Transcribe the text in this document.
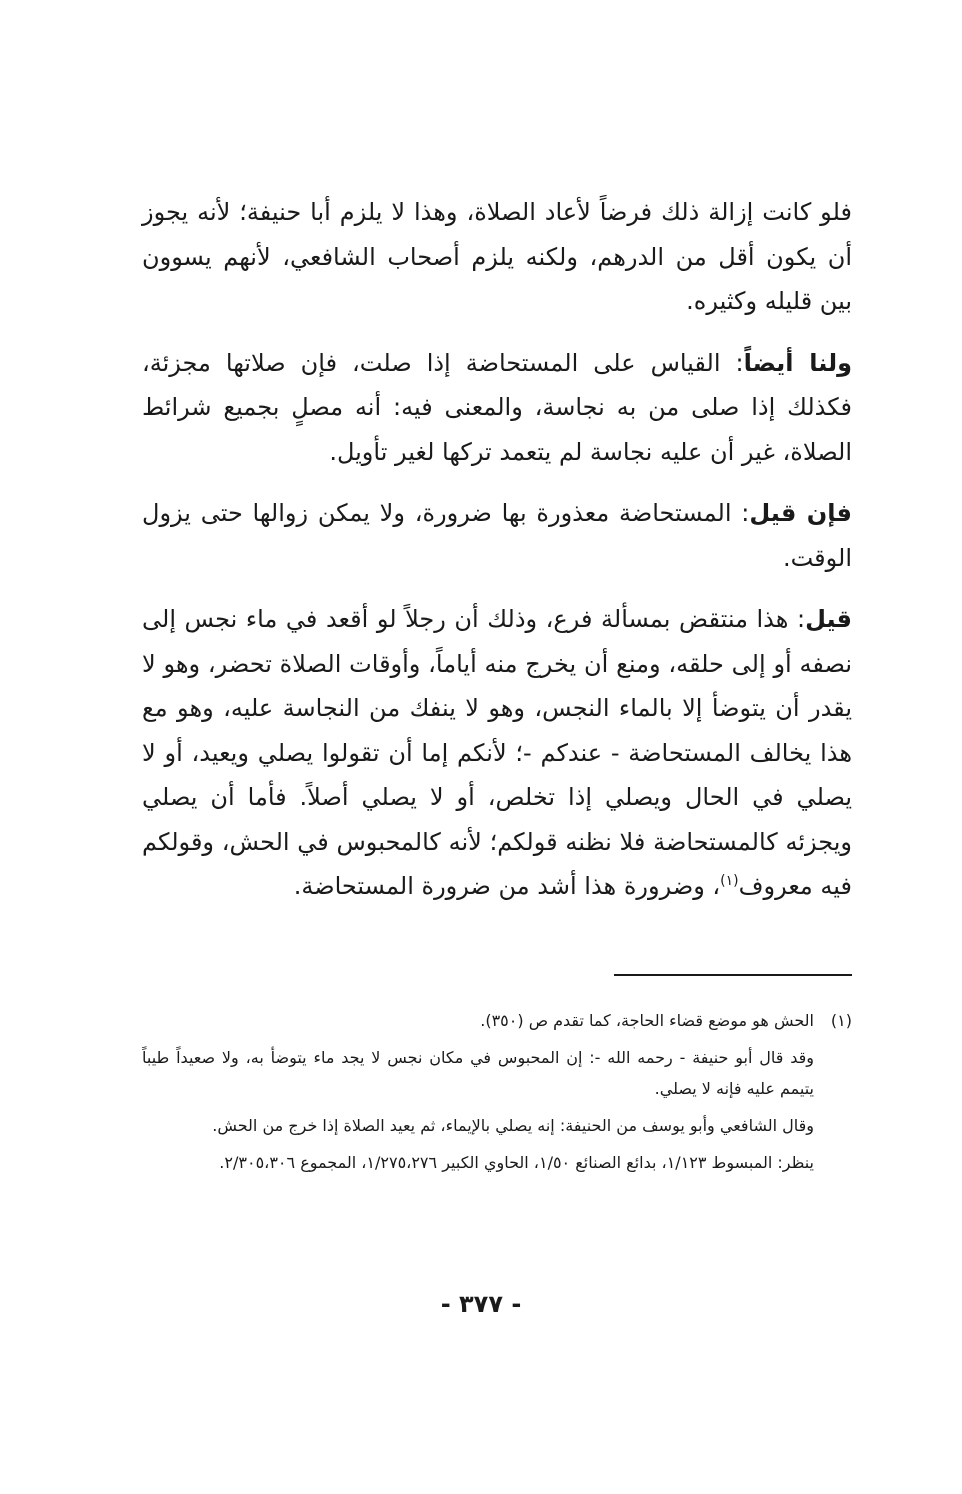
فلو كانت إزالة ذلك فرضاً لأعاد الصلاة، وهذا لا يلزم أبا حنيفة؛ لأنه يجوز أن يكون أقل من الدرهم، ولكنه يلزم أصحاب الشافعي، لأنهم يسوون بين قليله وكثيره.

ولنا أيضاً: القياس على المستحاضة إذا صلت، فإن صلاتها مجزئة، فكذلك إذا صلى من به نجاسة، والمعنى فيه: أنه مصلٍ بجميع شرائط الصلاة، غير أن عليه نجاسة لم يتعمد تركها لغير تأويل.

فإن قيل: المستحاضة معذورة بها ضرورة، ولا يمكن زوالها حتى يزول الوقت.

قيل: هذا منتقض بمسألة فرع، وذلك أن رجلاً لو أقعد في ماء نجس إلى نصفه أو إلى حلقه، ومنع أن يخرج منه أياماً، وأوقات الصلاة تحضر، وهو لا يقدر أن يتوضأ إلا بالماء النجس، وهو لا ينفك من النجاسة عليه، وهو مع هذا يخالف المستحاضة - عندكم -؛ لأنكم إما أن تقولوا يصلي ويعيد، أو لا يصلي في الحال ويصلي إذا تخلص، أو لا يصلي أصلاً. فأما أن يصلي ويجزئه كالمستحاضة فلا نظنه قولكم؛ لأنه كالمحبوس في الحش، وقولكم فيه معروف$^{(١)}$، وضرورة هذا أشد من ضرورة المستحاضة.

(١)

الحش هو موضع قضاء الحاجة، كما تقدم ص (٣٥٠).

وقد قال أبو حنيفة - رحمه الله -: إن المحبوس في مكان نجس لا يجد ماء يتوضأ به، ولا صعيداً طيباً يتيمم عليه فإنه لا يصلي.

وقال الشافعي وأبو يوسف من الحنيفة: إنه يصلي بالإيماء، ثم يعيد الصلاة إذا خرج من الحش.

ينظر: المبسوط ١/١٢٣، بدائع الصنائع ١/٥٠، الحاوي الكبير ١/٢٧٥،٢٧٦، المجموع ٢/٣٠٥،٣٠٦.

- ٣٧٧ -
